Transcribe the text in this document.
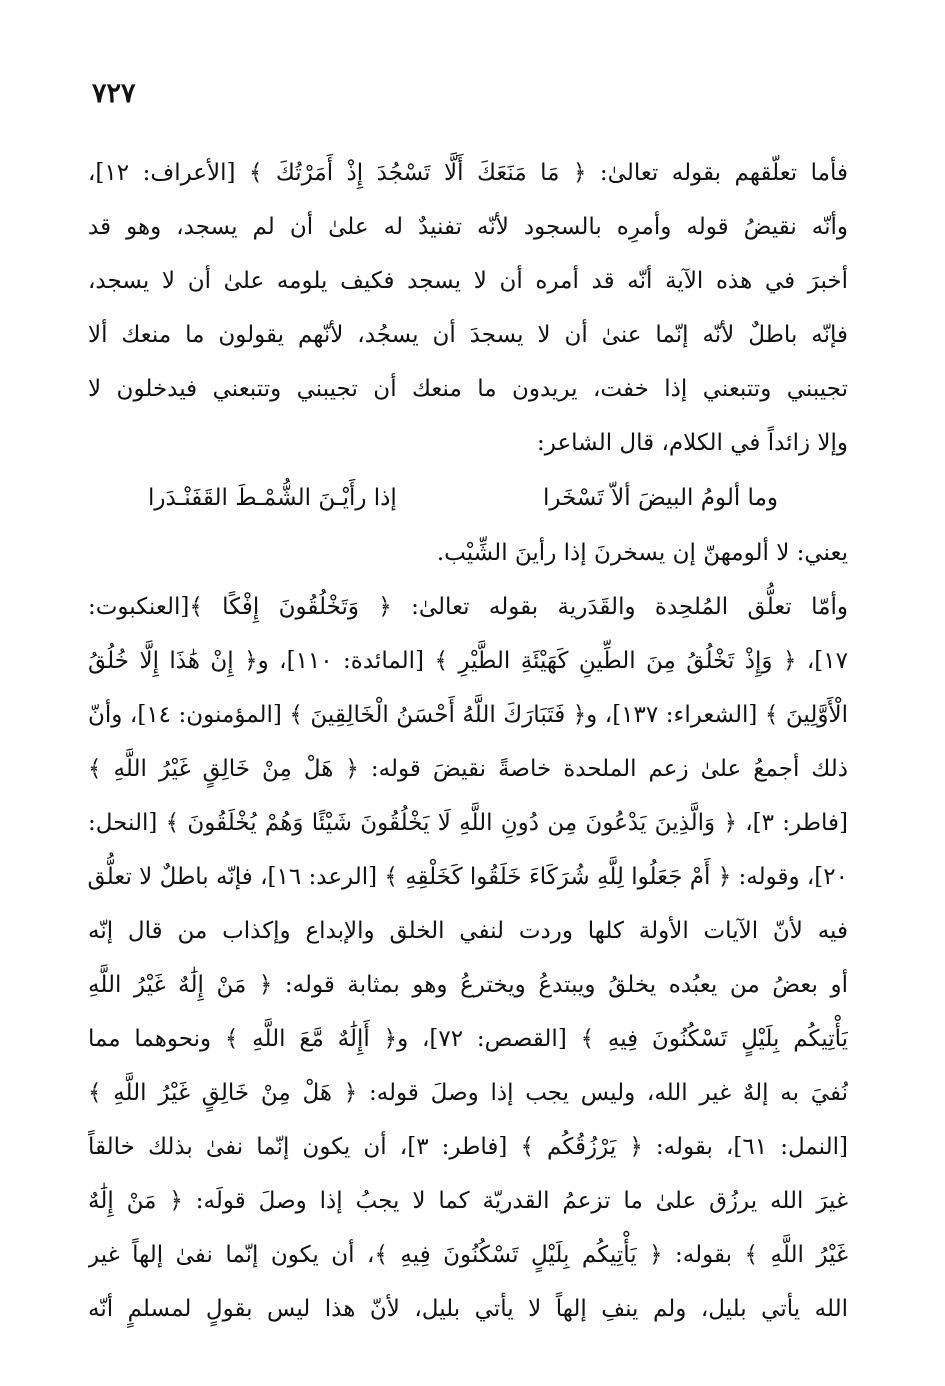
٧٢٧
فأما تعلّقهم بقوله تعالىٰ: ﴿ مَا مَنَعَكَ أَلَّا تَسْجُدَ إِذْ أَمَرْتُكَ ﴾ [الأعراف: ١٢]،
وأنّه نقيضُ قوله وأمرِه بالسجود لأنّه تفنيدٌ له علىٰ أن لم يسجد، وهو قد
أخبرَ في هذه الآية أنّه قد أمره أن لا يسجد فكيف يلومه علىٰ أن لا يسجد،
فإنّه باطلٌ لأنّه إنّما عنىٰ أن لا يسجدَ أن يسجُد، لأنّهم يقولون ما منعك ألا
تجيبني وتتبعني إذا خفت، يريدون ما منعك أن تجيبني وتتبعني فيدخلون لا
وإلا زائداً في الكلام، قال الشاعر:
وما ألومُ البيضَ ألاّ تَسْخَرا
إذا رأَيْـنَ الشُّمْـطَ القَفَنْـدَرا
يعني: لا ألومهنّ إن يسخرنَ إذا رأينَ الشِّيْب.
وأمّا تعلُّق المُلحِدة والقَدَرية بقوله تعالىٰ: ﴿ وَتَخْلُقُونَ إِفْكًا ﴾[العنكبوت:
١٧]، ﴿ وَإِذْ تَخْلُقُ مِنَ الطِّينِ كَهَيْئَةِ الطَّيْرِ ﴾ [المائدة: ١١٠]، و﴿ إِنْ هَٰذَا إِلَّا خُلُقُ
الْأَوَّلِينَ ﴾ [الشعراء: ١٣٧]، و﴿ فَتَبَارَكَ اللَّهُ أَحْسَنُ الْخَالِقِينَ ﴾ [المؤمنون: ١٤]، وأنّ
ذلك أجمعُ علىٰ زعم الملحدة خاصةً نقيضَ قوله: ﴿ هَلْ مِنْ خَالِقٍ غَيْرُ اللَّهِ ﴾
[فاطر: ٣]، ﴿ وَالَّذِينَ يَدْعُونَ مِن دُونِ اللَّهِ لَا يَخْلُقُونَ شَيْئًا وَهُمْ يُخْلَقُونَ ﴾ [النحل:
٢٠]، وقوله: ﴿ أَمْ جَعَلُوا لِلَّهِ شُرَكَاءَ خَلَقُوا كَخَلْقِهِ ﴾ [الرعد: ١٦]، فإنّه باطلٌ لا تعلُّق
فيه لأنّ الآيات الأولة كلها وردت لنفي الخلق والإبداع وإكذاب من قال إنّه
أو بعضُ من يعبُده يخلقُ ويبتدعُ ويخترعُ وهو بمثابة قوله: ﴿ مَنْ إِلَٰهٌ غَيْرُ اللَّهِ
يَأْتِيكُم بِلَيْلٍ تَسْكُنُونَ فِيهِ ﴾ [القصص: ٧٢]، و﴿ أَإِلَٰهٌ مَّعَ اللَّهِ ﴾ ونحوهما مما
نُفيَ به إلهٌ غير الله، وليس يجب إذا وصلَ قوله: ﴿ هَلْ مِنْ خَالِقٍ غَيْرُ اللَّهِ ﴾
[النمل: ٦١]، بقوله: ﴿ يَرْزُقُكُم ﴾ [فاطر: ٣]، أن يكون إنّما نفىٰ بذلك خالقاً
غيرَ الله يرزُق علىٰ ما تزعمُ القدريّة كما لا يجبُ إذا وصلَ قولَه: ﴿ مَنْ إِلَٰهٌ
غَيْرُ اللَّهِ ﴾ بقوله: ﴿ يَأْتِيكُم بِلَيْلٍ تَسْكُنُونَ فِيهِ ﴾، أن يكون إنّما نفىٰ إلهاً غير
الله يأتي بليل، ولم ينفِ إلهاً لا يأتي بليل، لأنّ هذا ليس بقولٍ لمسلمٍ أنّه
